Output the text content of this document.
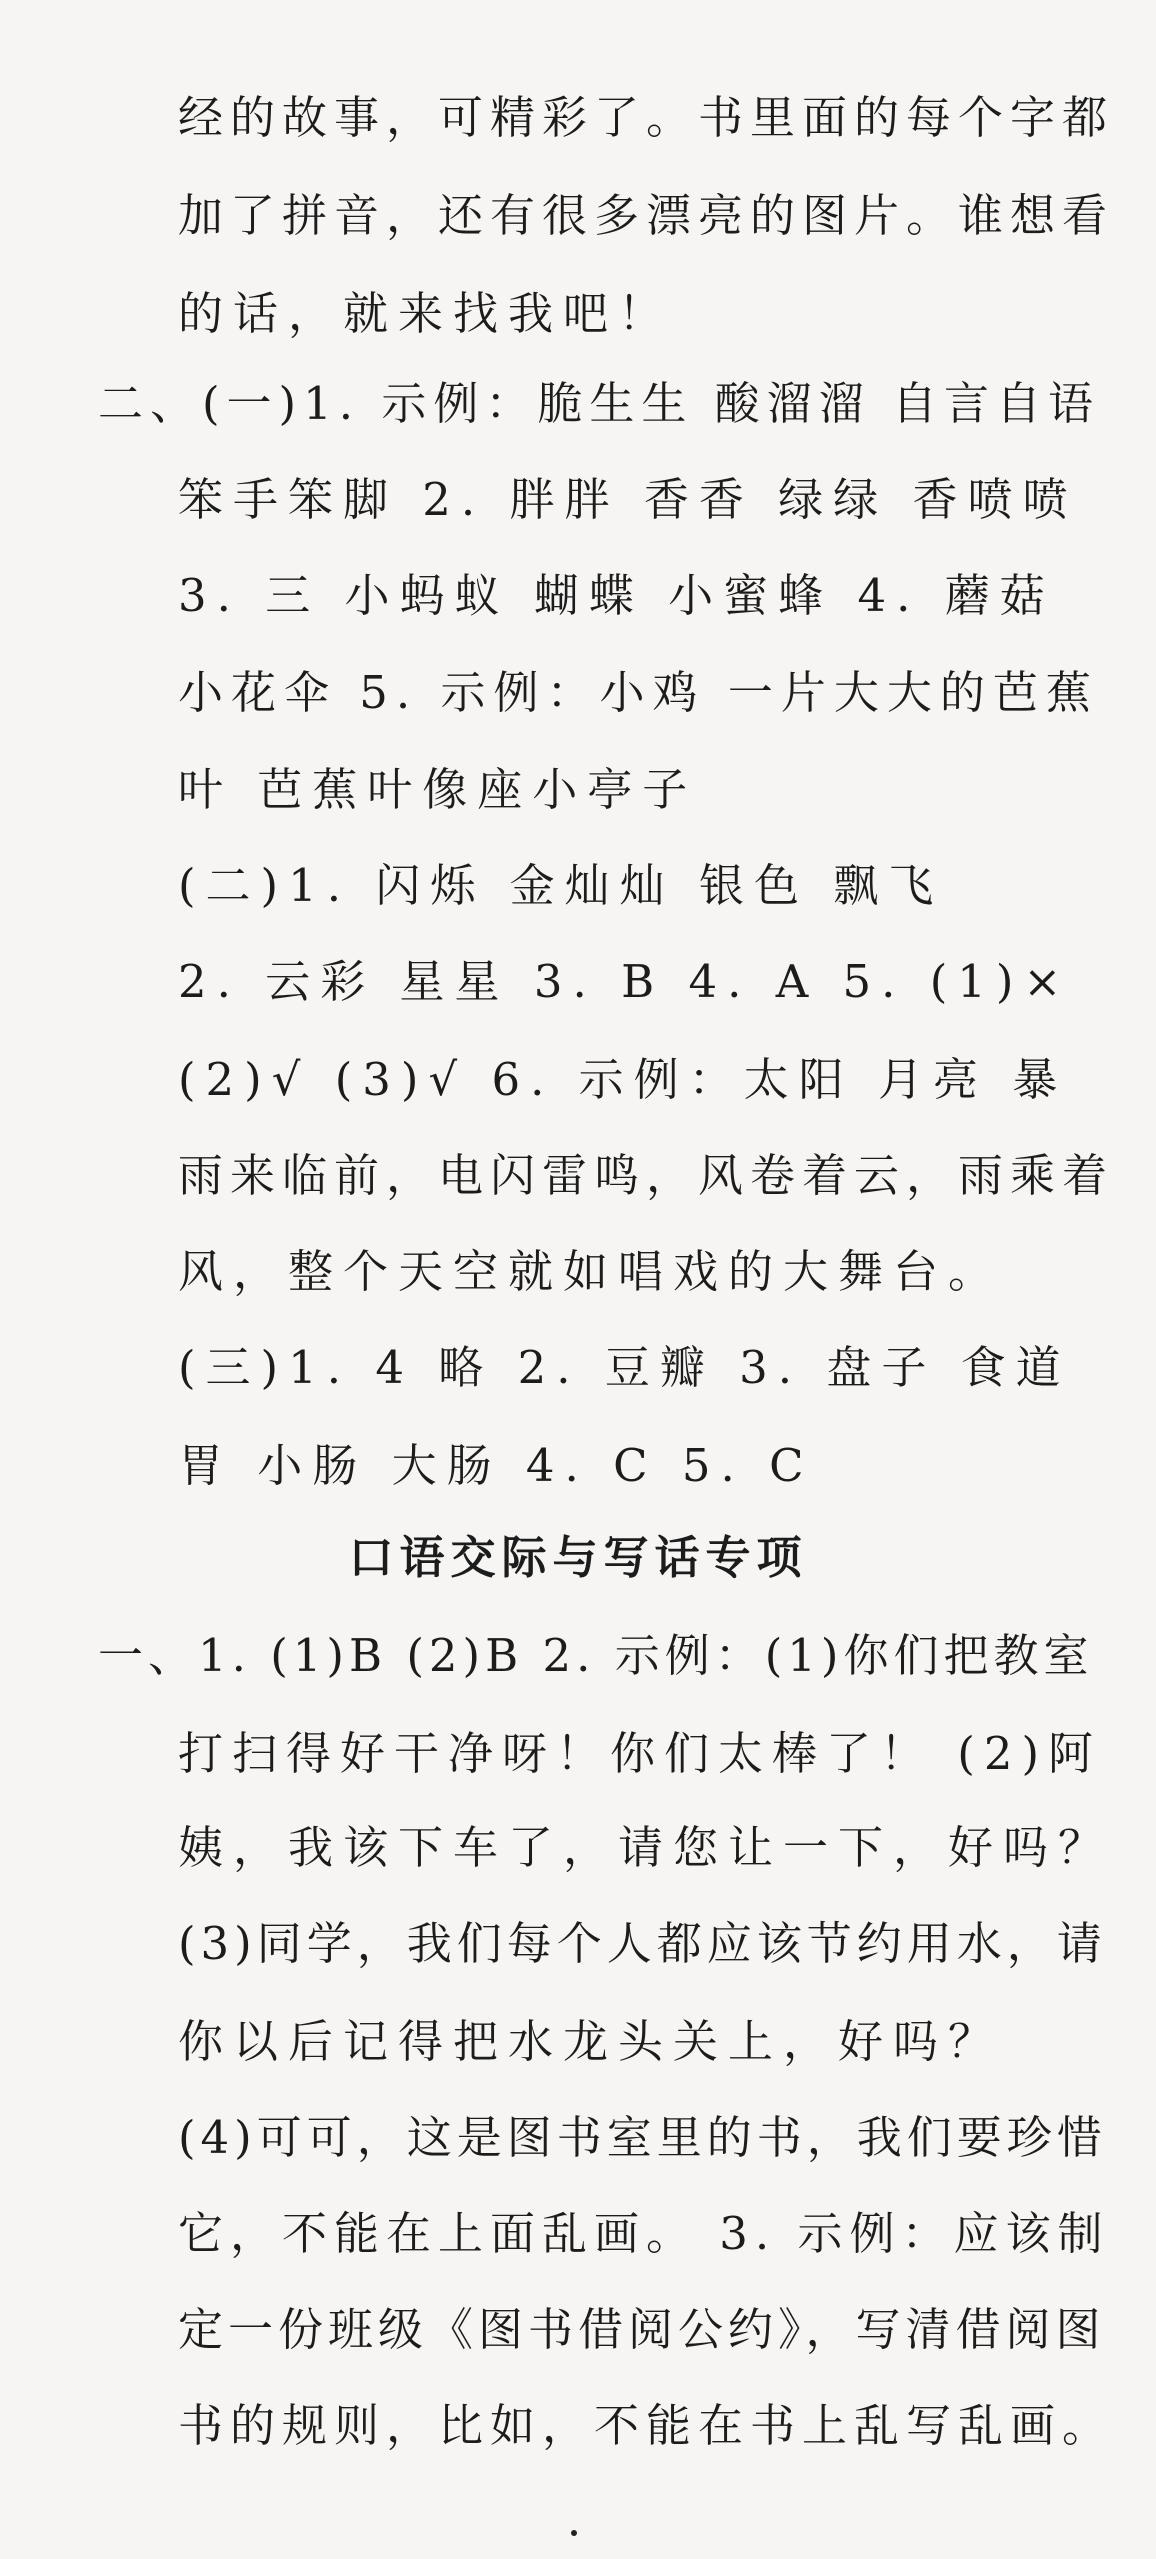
经的故事，可精彩了。书里面的每个字都
加了拼音，还有很多漂亮的图片。谁想看
的话，就来找我吧！
二、(一)1. 示例：脆生生 酸溜溜 自言自语
笨手笨脚 2. 胖胖 香香 绿绿 香喷喷
3. 三 小蚂蚁 蝴蝶 小蜜蜂 4. 蘑菇
小花伞 5. 示例：小鸡 一片大大的芭蕉
叶 芭蕉叶像座小亭子
(二)1. 闪烁 金灿灿 银色 飘飞
2. 云彩 星星 3. B 4. A 5. (1)×
(2)√ (3)√ 6. 示例：太阳 月亮 暴
雨来临前，电闪雷鸣，风卷着云，雨乘着
风，整个天空就如唱戏的大舞台。
(三)1. 4 略 2. 豆瓣 3. 盘子 食道
胃 小肠 大肠 4. C 5. C
口语交际与写话专项
一、1. (1)B (2)B 2. 示例：(1)你们把教室
打扫得好干净呀！你们太棒了！ (2)阿
姨，我该下车了，请您让一下，好吗？
(3)同学，我们每个人都应该节约用水，请
你以后记得把水龙头关上，好吗？
(4)可可，这是图书室里的书，我们要珍惜
它，不能在上面乱画。 3. 示例：应该制
定一份班级《图书借阅公约》，写清借阅图
书的规则，比如，不能在书上乱写乱画。
